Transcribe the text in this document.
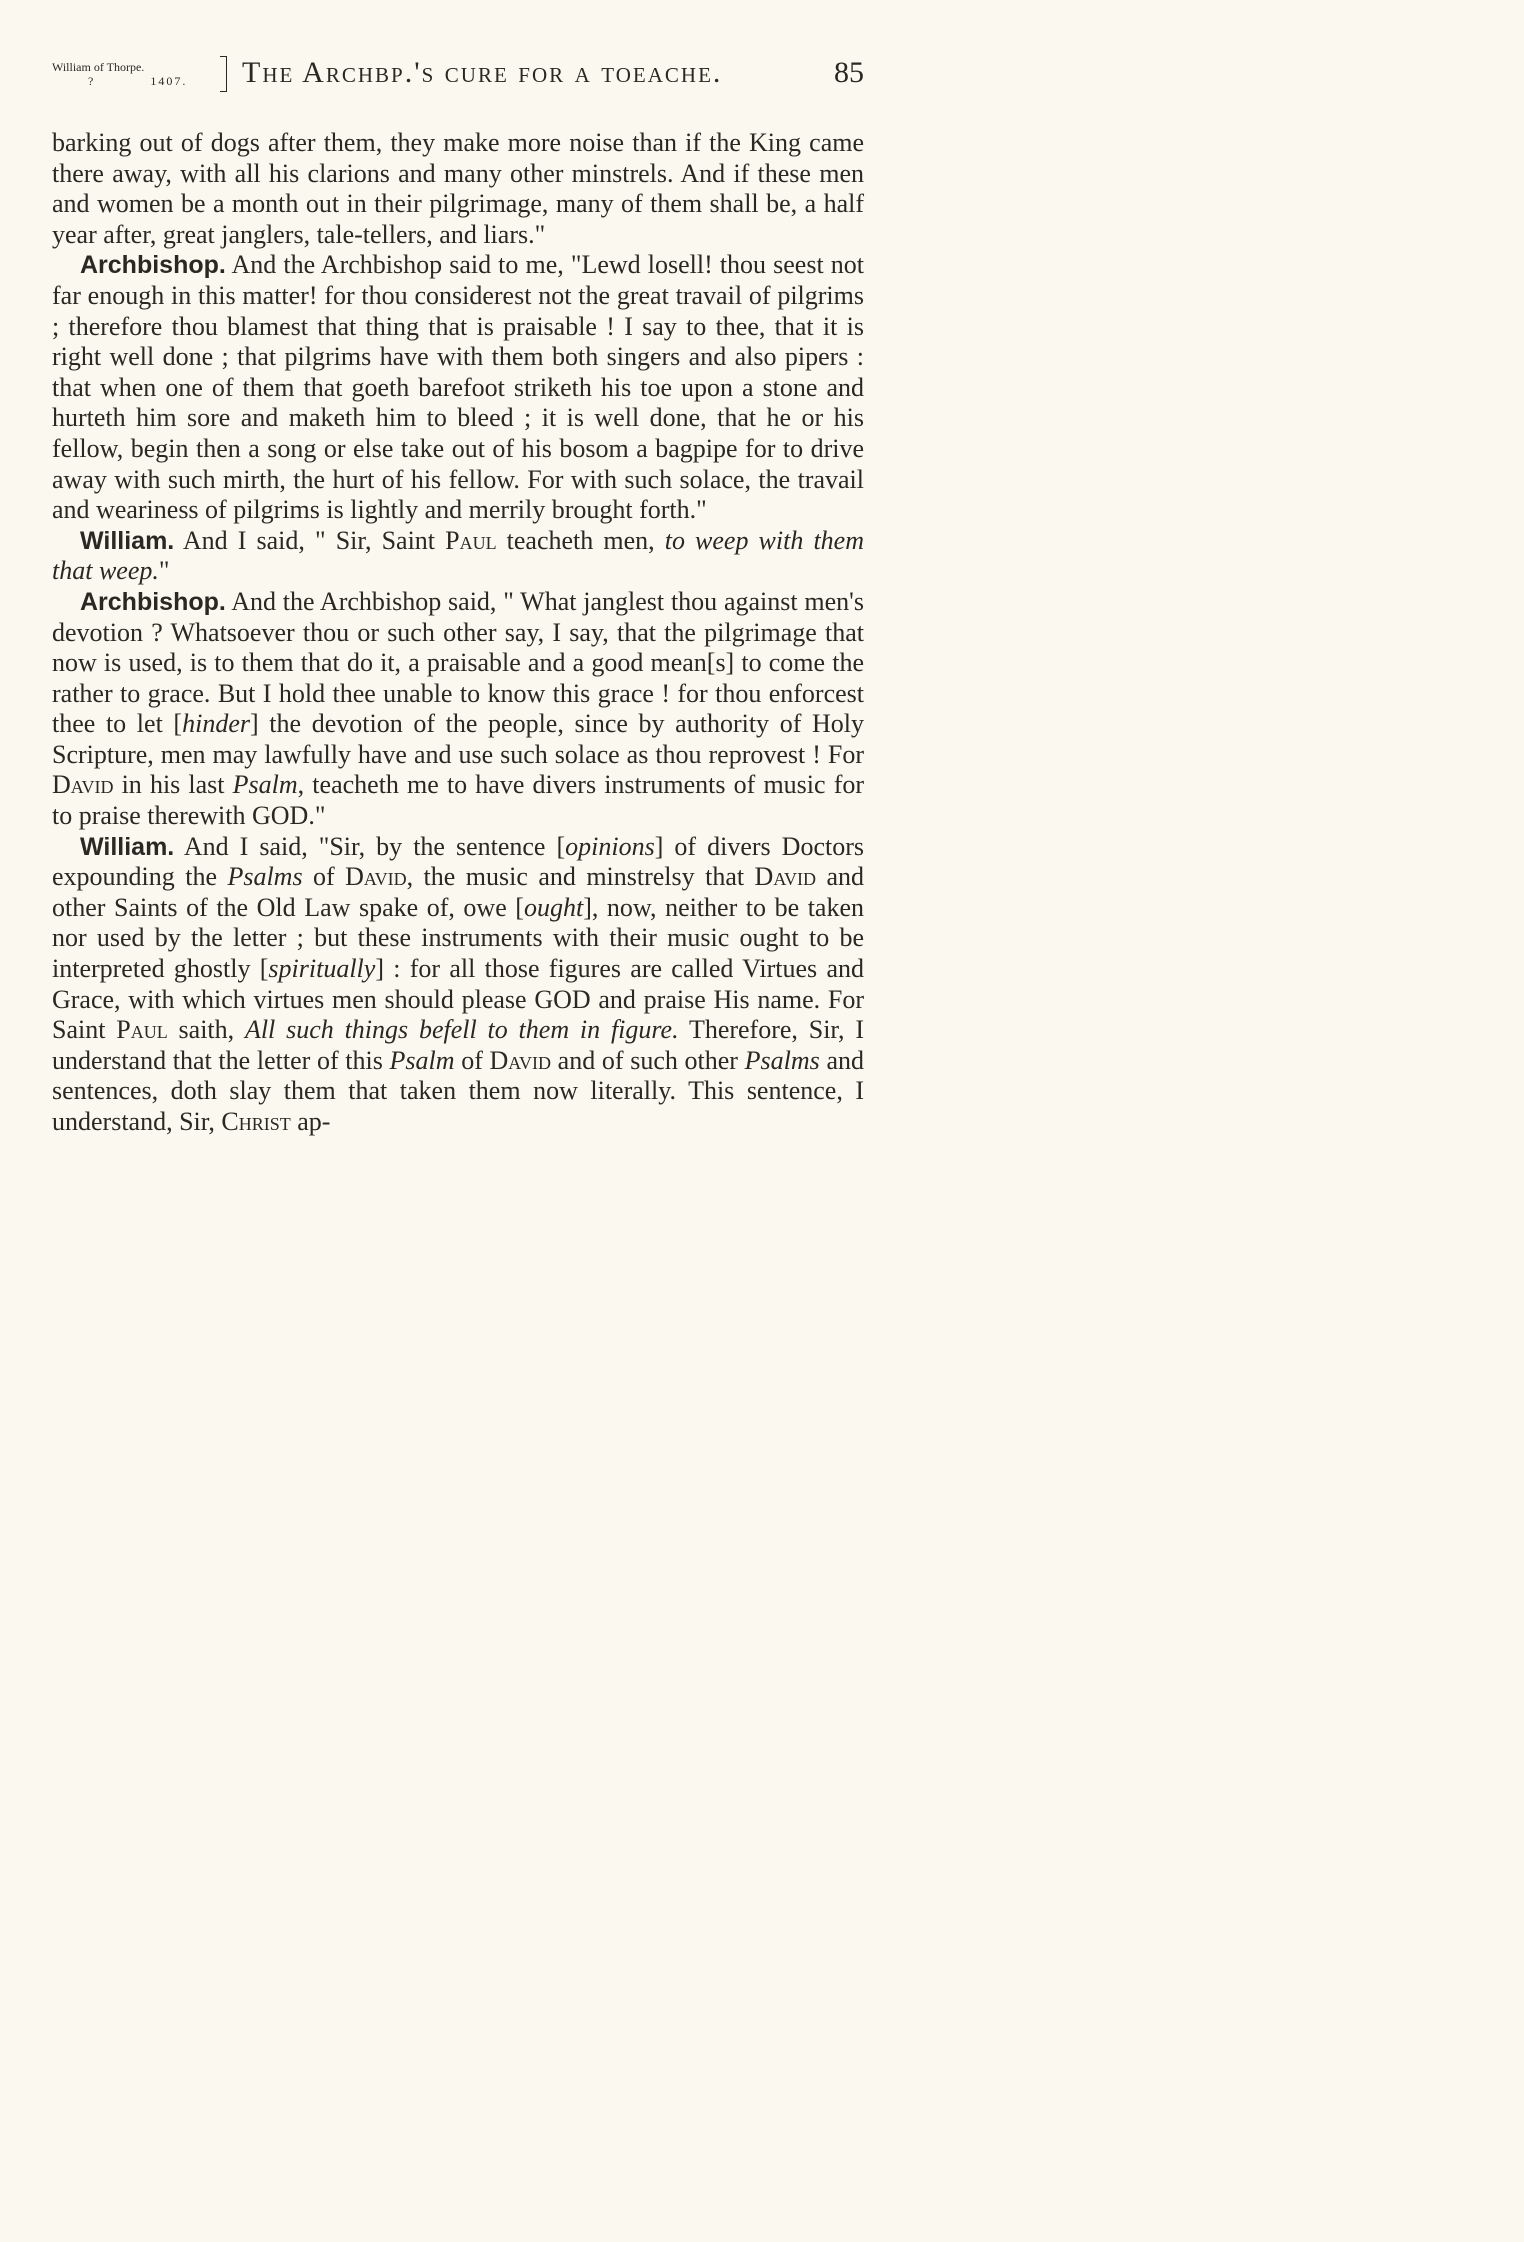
William of Thorpe.
?	1407.	The Archbp.'s cure for a toeache.	85

barking out of dogs after them, they make more noise than if the King came there away, with all his clarions and many other minstrels. And if these men and women be a month out in their pilgrimage, many of them shall be, a half year after, great janglers, tale-tellers, and liars."

Archbishop. And the Archbishop said to me, "Lewd losell! thou seest not far enough in this matter! for thou considerest not the great travail of pilgrims ; therefore thou blamest that thing that is praisable ! I say to thee, that it is right well done ; that pilgrims have with them both singers and also pipers : that when one of them that goeth barefoot striketh his toe upon a stone and hurteth him sore and maketh him to bleed ; it is well done, that he or his fellow, begin then a song or else take out of his bosom a bagpipe for to drive away with such mirth, the hurt of his fellow. For with such solace, the travail and weariness of pilgrims is lightly and merrily brought forth."

William. And I said, " Sir, Saint Paul teacheth men, to weep with them that weep."

Archbishop. And the Archbishop said, " What janglest thou against men's devotion ? Whatsoever thou or such other say, I say, that the pilgrimage that now is used, is to them that do it, a praisable and a good mean[s] to come the rather to grace. But I hold thee unable to know this grace ! for thou enforcest thee to let [hinder] the devotion of the people, since by authority of Holy Scripture, men may lawfully have and use such solace as thou reprovest ! For David in his last Psalm, teacheth me to have divers instruments of music for to praise therewith GOD."

William. And I said, "Sir, by the sentence [opinions] of divers Doctors expounding the Psalms of David, the music and minstrelsy that David and other Saints of the Old Law spake of, owe [ought], now, neither to be taken nor used by the letter ; but these instruments with their music ought to be interpreted ghostly [spiritually] : for all those figures are called Virtues and Grace, with which virtues men should please GOD and praise His name. For Saint Paul saith, All such things befell to them in figure. Therefore, Sir, I understand that the letter of this Psalm of David and of such other Psalms and sentences, doth slay them that taken them now literally. This sentence, I understand, Sir, Christ ap-
